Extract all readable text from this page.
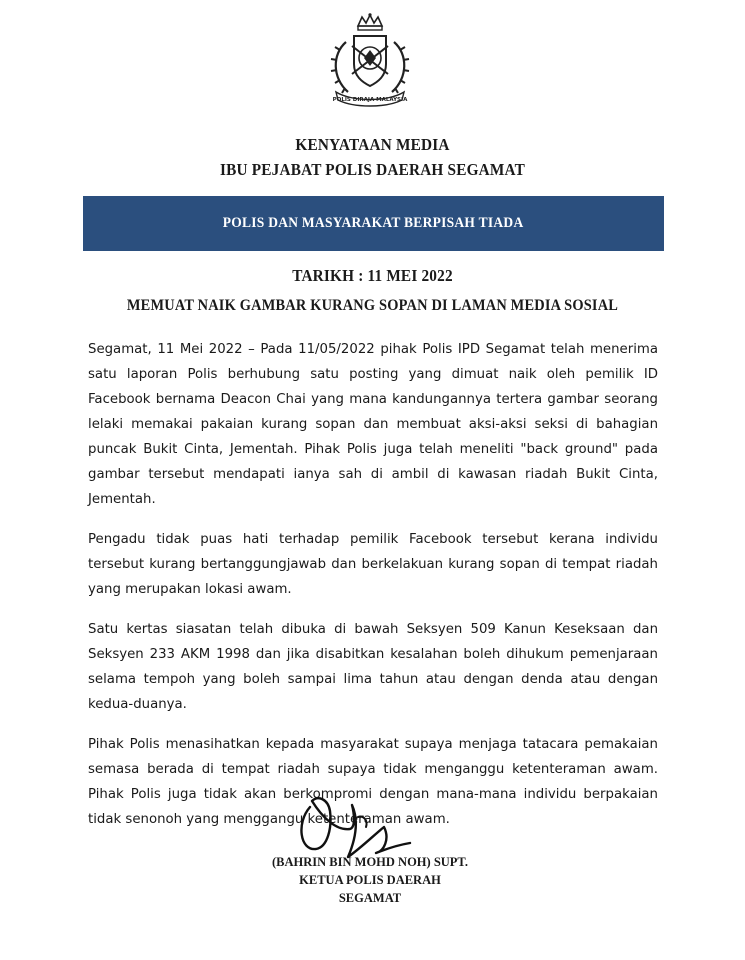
POLIS DIRAJA MALAYSIA
KENYATAAN MEDIA
IBU PEJABAT POLIS DAERAH SEGAMAT
POLIS DAN MASYARAKAT BERPISAH TIADA
TARIKH : 11 MEI 2022
MEMUAT NAIK GAMBAR KURANG SOPAN DI LAMAN MEDIA SOSIAL

Segamat, 11 Mei 2022 – Pada 11/05/2022 pihak Polis IPD Segamat telah menerima satu laporan Polis berhubung satu posting yang dimuat naik oleh pemilik ID Facebook bernama Deacon Chai yang mana kandungannya tertera gambar seorang lelaki memakai pakaian kurang sopan dan membuat aksi-aksi seksi di bahagian puncak Bukit Cinta, Jementah. Pihak Polis juga telah meneliti "back ground" pada gambar tersebut mendapati ianya sah di ambil di kawasan riadah Bukit Cinta, Jementah.

Pengadu tidak puas hati terhadap pemilik Facebook tersebut kerana individu tersebut kurang bertanggungjawab dan berkelakuan kurang sopan di tempat riadah yang merupakan lokasi awam.

Satu kertas siasatan telah dibuka di bawah Seksyen 509 Kanun Keseksaan dan Seksyen 233 AKM 1998 dan jika disabitkan kesalahan boleh dihukum pemenjaraan selama tempoh yang boleh sampai lima tahun atau dengan denda atau dengan kedua-duanya.

Pihak Polis menasihatkan kepada masyarakat supaya menjaga tatacara pemakaian semasa berada di tempat riadah supaya tidak menganggu ketenteraman awam. Pihak Polis juga tidak akan berkompromi dengan mana-mana individu berpakaian tidak senonoh yang menggangu ketenteraman awam.

(BAHRIN BIN MOHD NOH) SUPT.
KETUA POLIS DAERAH
SEGAMAT
